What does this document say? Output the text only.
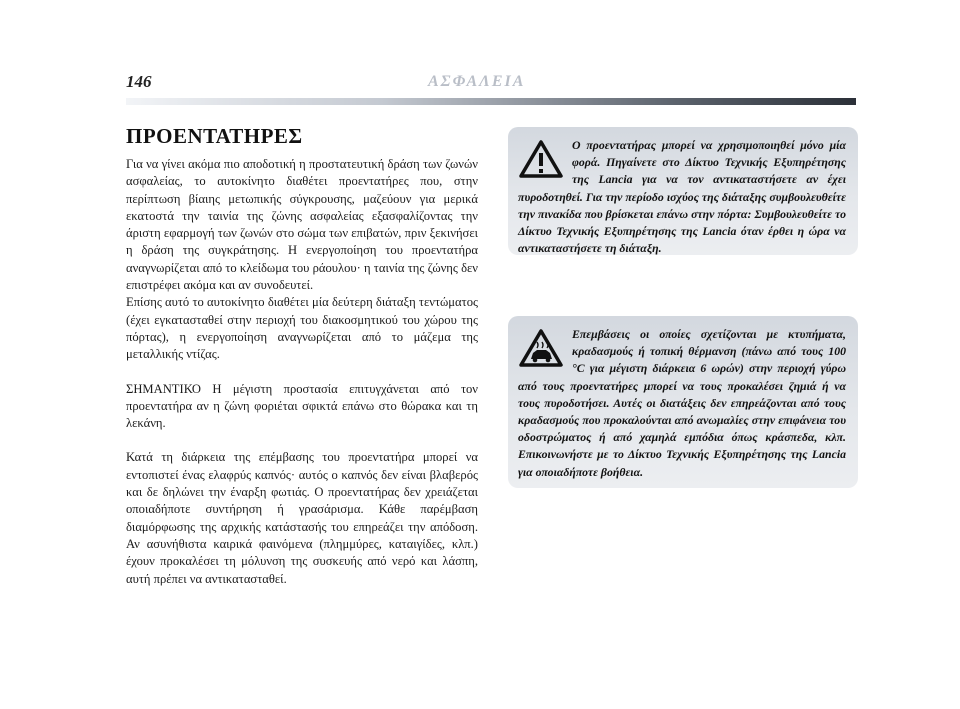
146	ΑΣΦΑΛΕΙΑ
ΠΡΟΕΝΤΑΤΗΡΕΣ

Για να γίνει ακόμα πιο αποδοτική η προστατευτική δράση των ζωνών ασφαλείας, το αυτοκίνητο διαθέτει προεντατήρες που, στην περίπτωση βίαιης μετωπικής σύγκρουσης, μαζεύουν για μερικά εκατοστά την ταινία της ζώνης ασφαλείας εξασφαλίζοντας την άριστη εφαρμογή των ζωνών στο σώμα των επιβατών, πριν ξεκινήσει η δράση της συγκράτησης. Η ενεργοποίηση του προεντατήρα αναγνωρίζεται από το κλείδωμα του ράουλου· η ταινία της ζώνης δεν επιστρέφει ακόμα και αν συνοδευτεί.

Επίσης αυτό το αυτοκίνητο διαθέτει μία δεύτερη διάταξη τεντώματος (έχει εγκατασταθεί στην περιοχή του διακοσμητικού του χώρου της πόρτας), η ενεργοποίηση αναγνωρίζεται από το μάζεμα της μεταλλικής ντίζας.

ΣΗΜΑΝΤΙΚΟ Η μέγιστη προστασία επιτυγχάνεται από τον προεντατήρα αν η ζώνη φοριέται σφικτά επάνω στο θώρακα και τη λεκάνη.

Κατά τη διάρκεια της επέμβασης του προεντατήρα μπορεί να εντοπιστεί ένας ελαφρύς καπνός· αυτός ο καπνός δεν είναι βλαβερός και δε δηλώνει την έναρξη φωτιάς. Ο προεντατήρας δεν χρειάζεται οποιαδήποτε συντήρηση ή γρασάρισμα. Κάθε παρέμβαση διαμόρφωσης της αρχικής κατάστασής του επηρεάζει την απόδοση. Αν ασυνήθιστα καιρικά φαινόμενα (πλημμύρες, καταιγίδες, κλπ.) έχουν προκαλέσει τη μόλυνση της συσκευής από νερό και λάσπη, αυτή πρέπει να αντικατασταθεί.

Ο προεντατήρας μπορεί να χρησιμοποιηθεί μόνο μία φορά. Πηγαίνετε στο Δίκτυο Τεχνικής Εξυπηρέτησης της Lancia για να τον αντικαταστήσετε αν έχει πυροδοτηθεί. Για την περίοδο ισχύος της διάταξης συμβουλευθείτε την πινακίδα που βρίσκεται επάνω στην πόρτα: Συμβουλευθείτε το Δίκτυο Τεχνικής Εξυπηρέτησης της Lancia όταν έρθει η ώρα να αντικαταστήσετε τη διάταξη.

Επεμβάσεις οι οποίες σχετίζονται με κτυπήματα, κραδασμούς ή τοπική θέρμανση (πάνω από τους 100 °C για μέγιστη διάρκεια 6 ωρών) στην περιοχή γύρω από τους προεντατήρες μπορεί να τους προκαλέσει ζημιά ή να τους πυροδοτήσει. Αυτές οι διατάξεις δεν επηρεάζονται από τους κραδασμούς που προκαλούνται από ανωμαλίες στην επιφάνεια του οδοστρώματος ή από χαμηλά εμπόδια όπως κράσπεδα, κλπ. Επικοινωνήστε με το Δίκτυο Τεχνικής Εξυπηρέτησης της Lancia για οποιαδήποτε βοήθεια.
